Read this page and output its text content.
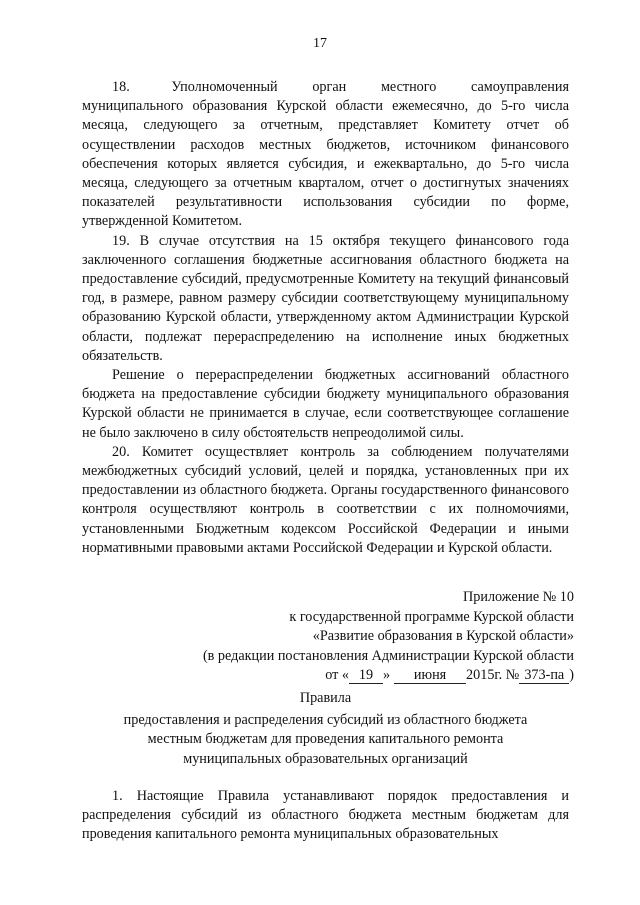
17

18.      Уполномоченный     орган     местного     самоуправления муниципального образования Курской области ежемесячно, до 5-го числа месяца, следующего за отчетным, представляет Комитету отчет об осуществлении расходов местных бюджетов, источником финансового обеспечения которых является субсидия, и ежеквартально, до 5-го числа месяца, следующего за отчетным кварталом, отчет о достигнутых значениях показателей результативности использования субсидии по форме, утвержденной Комитетом.

19. В случае отсутствия на 15 октября текущего финансового года заключенного соглашения бюджетные ассигнования областного бюджета на предоставление субсидий, предусмотренные Комитету на текущий финансовый год, в размере, равном размеру субсидии соответствующему муниципальному образованию Курской области, утвержденному актом Администрации Курской области, подлежат перераспределению на исполнение иных бюджетных обязательств.

Решение о перераспределении бюджетных ассигнований областного бюджета на предоставление субсидии бюджету муниципального образования Курской области не принимается в случае, если соответствующее соглашение не было заключено в силу обстоятельств непреодолимой силы.

20. Комитет осуществляет контроль за соблюдением получателями межбюджетных субсидий условий, целей и порядка, установленных при их предоставлении из областного бюджета. Органы государственного финансового контроля осуществляют контроль в соответствии с их полномочиями, установленными Бюджетным кодексом Российской Федерации и иными нормативными правовыми актами Российской Федерации и Курской области.

Приложение № 10
к государственной программе Курской области
«Развитие образования в Курской области»
(в редакции постановления Администрации Курской области
от « 19 » июня 2015г. № 373-па )
Правила
предоставления и распределения субсидий из областного бюджета
местным бюджетам для проведения капитального ремонта
муниципальных образовательных организаций

1. Настоящие Правила устанавливают порядок предоставления и распределения субсидий из областного бюджета местным бюджетам для проведения капитального ремонта муниципальных образовательных
